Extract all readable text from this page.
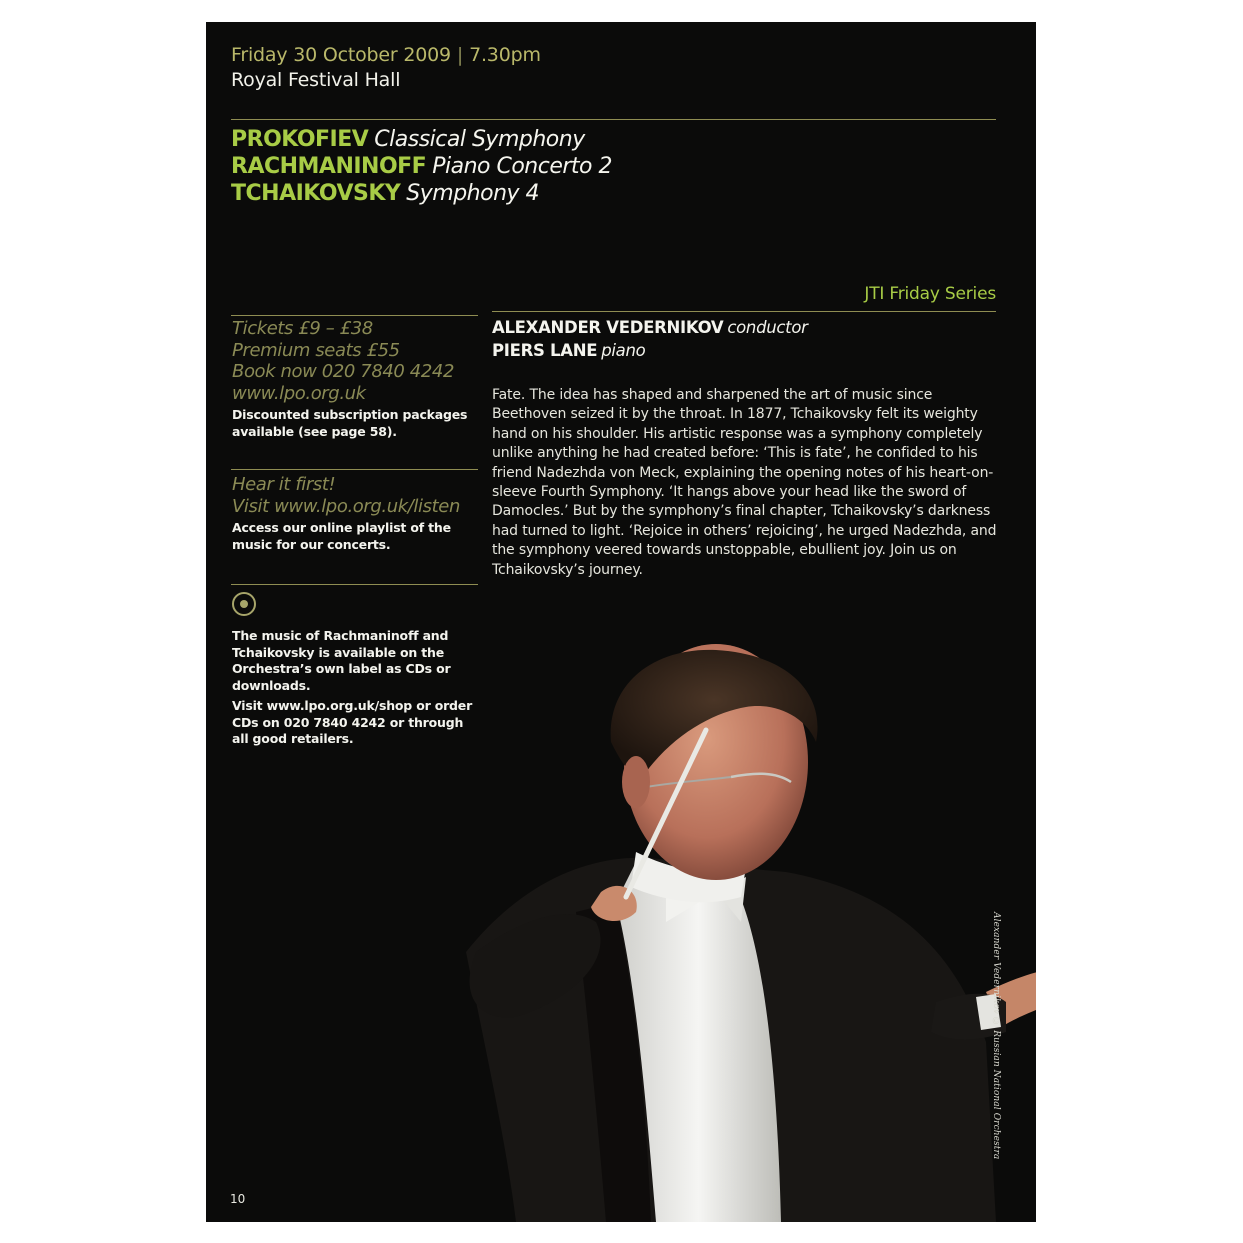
Friday 30 October 2009 | 7.30pm
Royal Festival Hall
PROKOFIEV Classical Symphony
RACHMANINOFF Piano Concerto 2
TCHAIKOVSKY Symphony 4
JTI Friday Series
Tickets £9 – £38
Premium seats £55
Book now 020 7840 4242
www.lpo.org.uk
Discounted subscription packages available (see page 58).
Hear it first!
Visit www.lpo.org.uk/listen
Access our online playlist of the music for our concerts.

The music of Rachmaninoff and Tchaikovsky is available on the Orchestra’s own label as CDs or downloads.

Visit www.lpo.org.uk/shop or order CDs on 020 7840 4242 or through all good retailers.

ALEXANDER VEDERNIKOV conductor
PIERS LANE piano
Fate. The idea has shaped and sharpened the art of music since Beethoven seized it by the throat. In 1877, Tchaikovsky felt its weighty hand on his shoulder. His artistic response was a symphony completely unlike anything he had created before: ‘This is fate’, he confided to his friend Nadezhda von Meck, explaining the opening notes of his heart-on-sleeve Fourth Symphony. ‘It hangs above your head like the sword of Damocles.’ But by the symphony’s final chapter, Tchaikovsky’s darkness had turned to light. ‘Rejoice in others’ rejoicing’, he urged Nadezhda, and the symphony veered towards unstoppable, ebullient joy. Join us on Tchaikovsky’s journey.
Alexander Vedernikov © Russian National Orchestra
10
